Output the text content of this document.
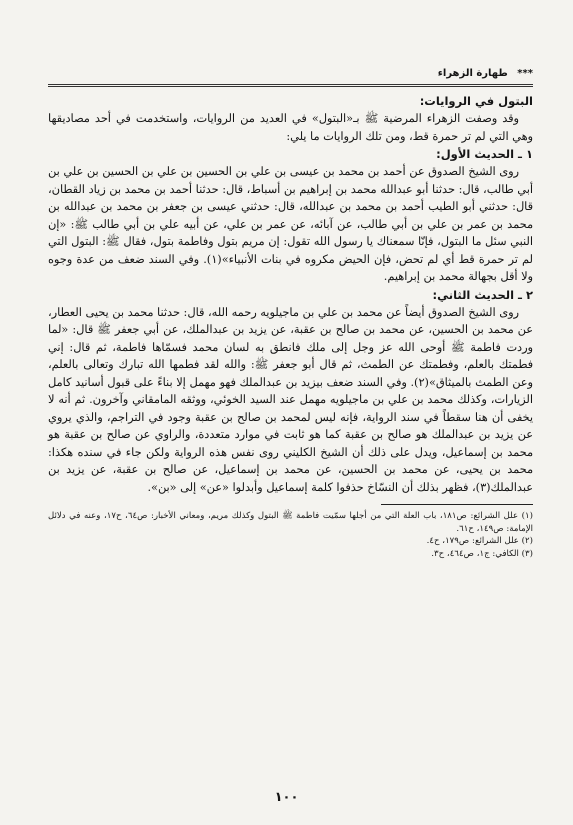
*** طهارة الزهراء

البتول في الروايات:

وقد وصفت الزهراء المرضية ﷺ بـ«البتول» في العديد من الروايات، واستخدمت في أحد مصاديقها وهي التي لم تر حمرة قط، ومن تلك الروايات ما يلي:

١ ـ الحديث الأول:

روى الشيخ الصدوق عن أحمد بن محمد بن عيسى بن علي بن الحسين بن علي بن الحسين بن علي بن أبي طالب، قال: حدثنا أبو عبدالله محمد بن إبراهيم بن أسباط، قال: حدثنا أحمد بن محمد بن زياد القطان، قال: حدثني أبو الطيب أحمد بن محمد بن عبدالله، قال: حدثني عيسى بن جعفر بن محمد بن عبدالله بن محمد بن عمر بن علي بن أبي طالب، عن آبائه، عن عمر بن علي، عن أبيه علي بن أبي طالب ﷺ: «إن النبي سئل ما البتول، فإنّا سمعناك يا رسول الله تقول: إن مريم بتول وفاطمة بتول، فقال ﷺ: البتول التي لم تر حمرة قط أي لم تحض، فإن الحيض مكروه في بنات الأنبياء»(١). وفي السند ضعف من عدة وجوه ولا أقل بجهالة محمد بن إبراهيم.

٢ ـ الحديث الثاني:

روى الشيخ الصدوق أيضاً عن محمد بن علي بن ماجيلويه رحمه الله، قال: حدثنا محمد بن يحيى العطار، عن محمد بن الحسين، عن محمد بن صالح بن عقبة، عن يزيد بن عبدالملك، عن أبي جعفر ﷺ قال: «لما وردت فاطمة ﷺ أوحى الله عز وجل إلى ملك فانطق به لسان محمد فسمّاها فاطمة، ثم قال: إني فطمتك بالعلم، وفطمتك عن الطمث، ثم قال أبو جعفر ﷺ: والله لقد فطمها الله تبارك وتعالى بالعلم، وعن الطمث بالميثاق»(٢). وفي السند ضعف بيزيد بن عبدالملك فهو مهمل إلا بناءً على قبول أسانيد كامل الزيارات، وكذلك محمد بن علي بن ماجيلويه مهمل عند السيد الخوئي، ووثقه المامقاني وآخرون. ثم أنه لا يخفى أن هنا سقطاً في سند الرواية، فإنه ليس لمحمد بن صالح بن عقبة وجود في التراجم، والذي يروي عن يزيد بن عبدالملك هو صالح بن عقبة كما هو ثابت في موارد متعددة، والراوي عن صالح بن عقبة هو محمد بن إسماعيل، ويدل على ذلك أن الشيخ الكليني روى نفس هذه الرواية ولكن جاء في سنده هكذا: محمد بن يحيى، عن محمد بن الحسين، عن محمد بن إسماعيل، عن صالح بن عقبة، عن يزيد بن عبدالملك(٣)، فظهر بذلك أن النسّاخ حذفوا كلمة إسماعيل وأبدلوا «عن» إلى «بن».

(١) علل الشرائع: ص١٨١، باب العلة التي من أجلها سمّيت فاطمة ﷺ البتول وكذلك مريم، ومعاني الأخبار: ص٦٤، ح١٧، وعنه في دلائل الإمامة: ص١٤٩، ح٦١.

(٢) علل الشرائع: ص١٧٩، ح٤.

(٣) الكافي: ج١، ص٤٦٤، ح٣.

١٠٠
